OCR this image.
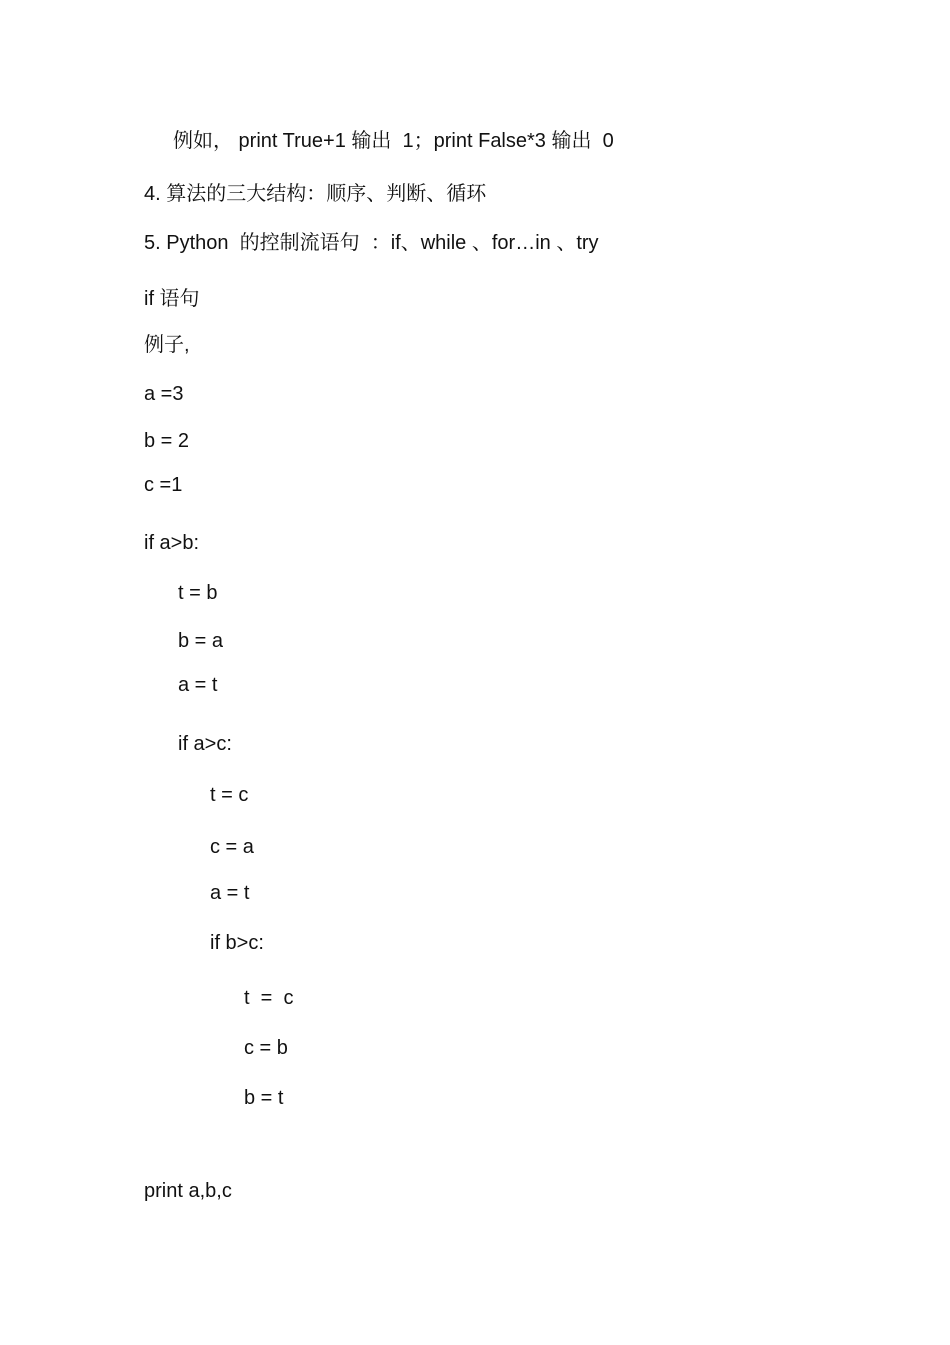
例如， print True+1 输出  1；print False*3 输出  0
4. 算法的三大结构：顺序、判断、循环
5. Python  的控制流语句  ：if、while 、for…in 、try
if 语句
例子,
a =3
b = 2
c =1
if a>b:
t = b
b = a
a = t
if a>c:
t = c
c = a
a = t
if b>c:
t  =  c
c = b
b = t
print a,b,c
